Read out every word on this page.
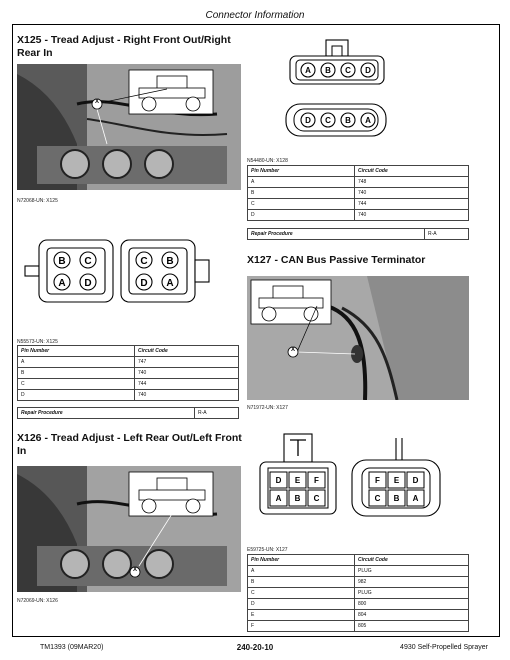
Connector Information
X125 - Tread Adjust - Right Front Out/Right Rear In
X
N72068-UN: X125
B C
A D
C B
D A
N55573-UN: X125
Pin Number	Circuit Code
A	747
B	740
C	744
D	740
Repair Procedure	R-A
X126 - Tread Adjust - Left Rear Out/Left Front In
X
N72069-UN: X126
A B C D
D C B A
N54480-UN: X128
Pin Number	Circuit Code
A	748
B	740
C	744
D	740
Repair Procedure	R-A
X127 - CAN Bus Passive Terminator
X
N71972-UN: X127
D E F
A B C
F E D
C B A
E59725-UN: X127
Pin Number	Circuit Code
A	PLUG
B	982
C	PLUG
D	800
E	804
F	805
TM1393 (09MAR20)	240-20-10	4930 Self-Propelled Sprayer
